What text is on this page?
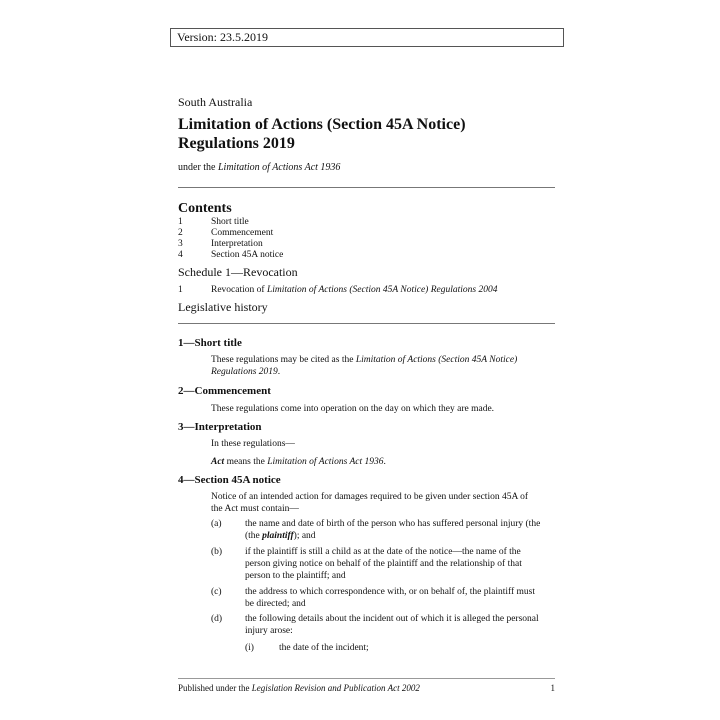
Version: 23.5.2019
South Australia
Limitation of Actions (Section 45A Notice)
Regulations 2019
under the Limitation of Actions Act 1936
Contents
1	Short title
2	Commencement
3	Interpretation
4	Section 45A notice
Schedule 1—Revocation
1	Revocation of Limitation of Actions (Section 45A Notice) Regulations 2004
Legislative history
1—Short title
These regulations may be cited as the Limitation of Actions (Section 45A Notice)
Regulations 2019.
2—Commencement
These regulations come into operation on the day on which they are made.
3—Interpretation
In these regulations—
Act means the Limitation of Actions Act 1936.
4—Section 45A notice
Notice of an intended action for damages required to be given under section 45A of
the Act must contain—
(a) the name and date of birth of the person who has suffered personal injury (the
(the plaintiff); and
(b) if the plaintiff is still a child as at the date of the notice—the name of the
person giving notice on behalf of the plaintiff and the relationship of that
person to the plaintiff; and
(c) the address to which correspondence with, or on behalf of, the plaintiff must
be directed; and
(d) the following details about the incident out of which it is alleged the personal
injury arose:
(i)	the date of the incident;
Published under the Legislation Revision and Publication Act 2002	1
